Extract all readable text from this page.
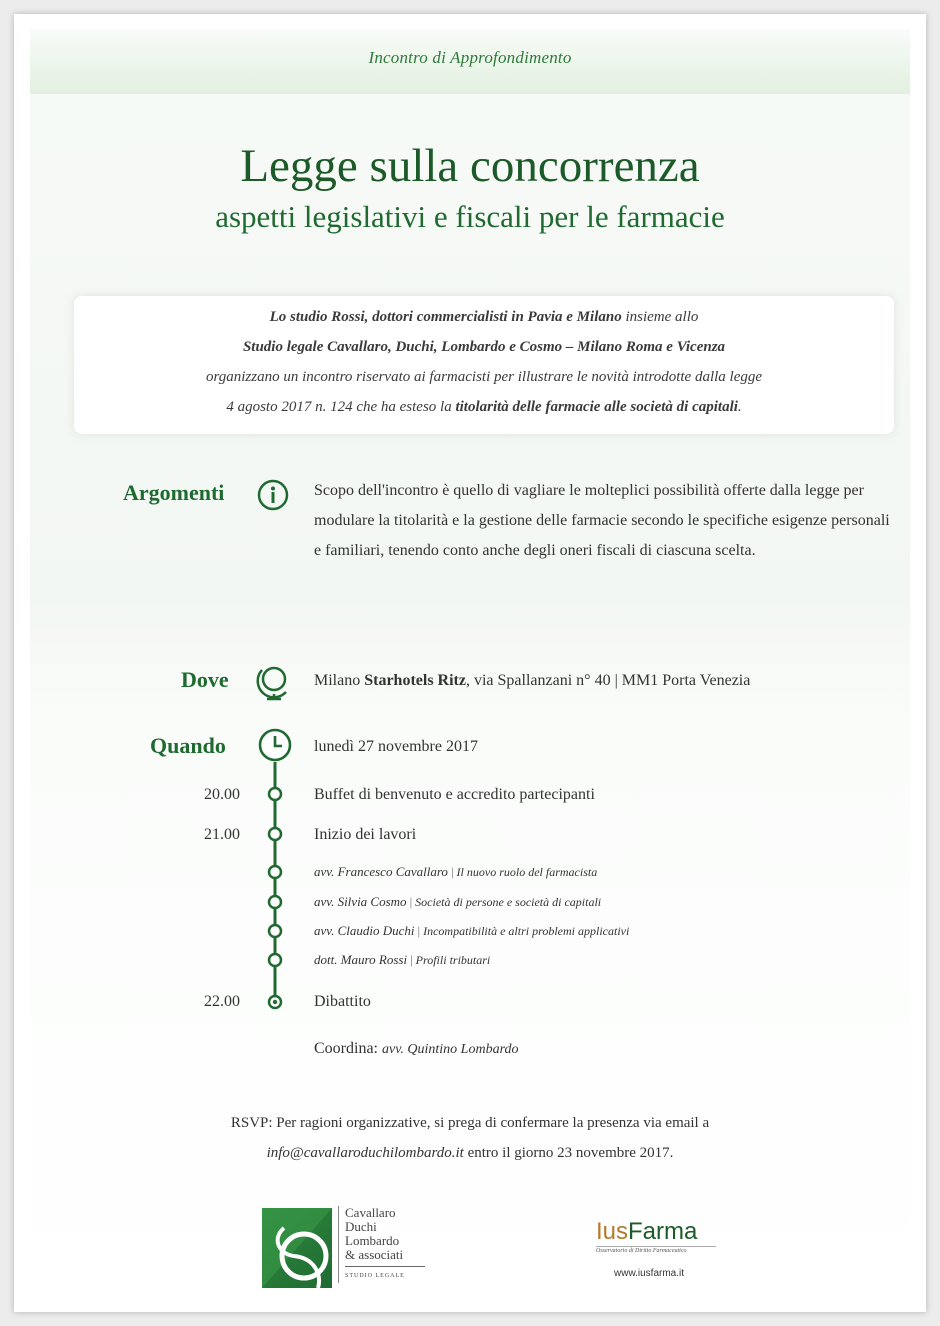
Incontro di Approfondimento
Legge sulla concorrenza
aspetti legislativi e fiscali per le farmacie
Lo studio Rossi, dottori commercialisti in Pavia e Milano insieme allo
Studio legale Cavallaro, Duchi, Lombardo e Cosmo – Milano Roma e Vicenza
organizzano un incontro riservato ai farmacisti per illustrare le novità introdotte dalla legge
4 agosto 2017 n. 124 che ha esteso la titolarità delle farmacie alle società di capitali.
Argomenti	Scopo dell'incontro è quello di vagliare le molteplici possibilità offerte dalla legge per modulare la titolarità e la gestione delle farmacie secondo le specifiche esigenze personali e familiari, tenendo conto anche degli oneri fiscali di ciascuna scelta.
Dove	Milano Starhotels Ritz, via Spallanzani n° 40 | MM1 Porta Venezia
Quando	lunedì 27 novembre 2017
20.00	Buffet di benvenuto e accredito partecipanti
21.00	Inizio dei lavori
avv. Francesco Cavallaro | Il nuovo ruolo del farmacista
avv. Silvia Cosmo | Società di persone e società di capitali
avv. Claudio Duchi | Incompatibilità e altri problemi applicativi
dott. Mauro Rossi | Profili tributari
22.00	Dibattito
Coordina: avv. Quintino Lombardo
RSVP: Per ragioni organizzative, si prega di confermare la presenza via email a
info@cavallaroduchilombardo.it entro il giorno 23 novembre 2017.
Cavallaro
Duchi
Lombardo
& associati
STUDIO LEGALE
IusFarma
Osservatorio di Diritto Farmaceutico
www.iusfarma.it
